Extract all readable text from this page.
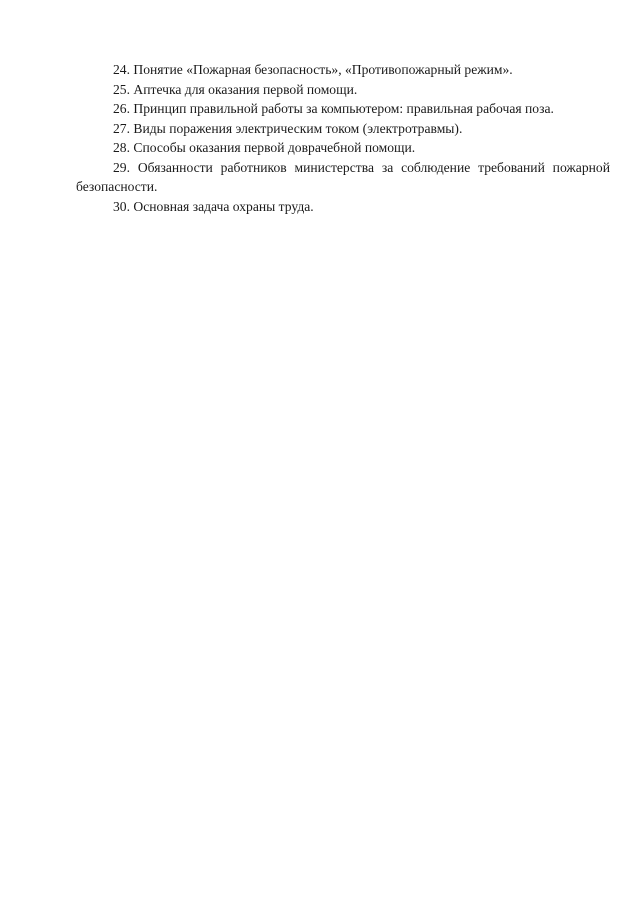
24. Понятие «Пожарная безопасность», «Противопожарный режим».
25. Аптечка для оказания первой помощи.
26. Принцип правильной работы за компьютером: правильная рабочая поза.
27. Виды поражения электрическим током (электротравмы).
28. Способы оказания первой доврачебной помощи.
29. Обязанности работников министерства за соблюдение требований пожарной безопасности.
30. Основная задача охраны труда.
